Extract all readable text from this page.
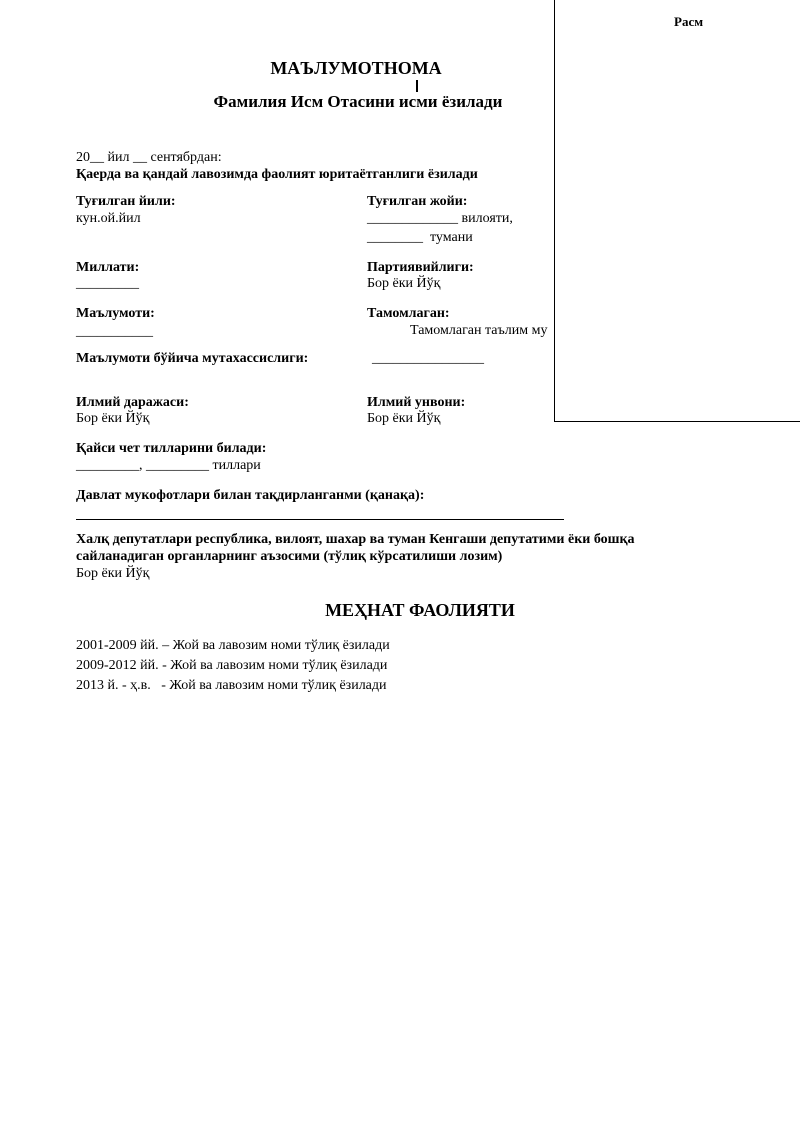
Расм
МАЪЛУМОТНОМА
Фамилия Исм Отасини исми ёзилади
20__ йил __ сентябрдан:
Қаерда ва қандай лавозимда фаолият юритаётганлиги ёзилади
Туғилган йили:
кун.ой.йил
Туғилган жойи:
_____________ вилояти,
________  тумани
Миллати:
_________
Партиявийлиги:
Бор ёки Йўқ
Маълумоти:
___________
Тамомлаган:
Тамомлаган таълим му
Маълумоти бўйича мутахассислиги:	________________
Илмий даражаси:
Бор ёки Йўқ
Илмий унвони:
Бор ёки Йўқ
Қайси чет тилларини билади:
_________, _________ тиллари
Давлат мукофотлари билан тақдирланганми (қанақа):
Халқ депутатлари республика, вилоят, шахар ва туман Кенгаши депутатими ёки бошқа
сайланадиган органларнинг аъзосими (тўлиқ кўрсатилиши лозим)
Бор ёки Йўқ
МЕҲНАТ ФАОЛИЯТИ
2001-2009 йй. – Жой ва лавозим номи тўлиқ ёзилади
2009-2012 йй. - Жой ва лавозим номи тўлиқ ёзилади
2013 й. - ҳ.в.   - Жой ва лавозим номи тўлиқ ёзилади
